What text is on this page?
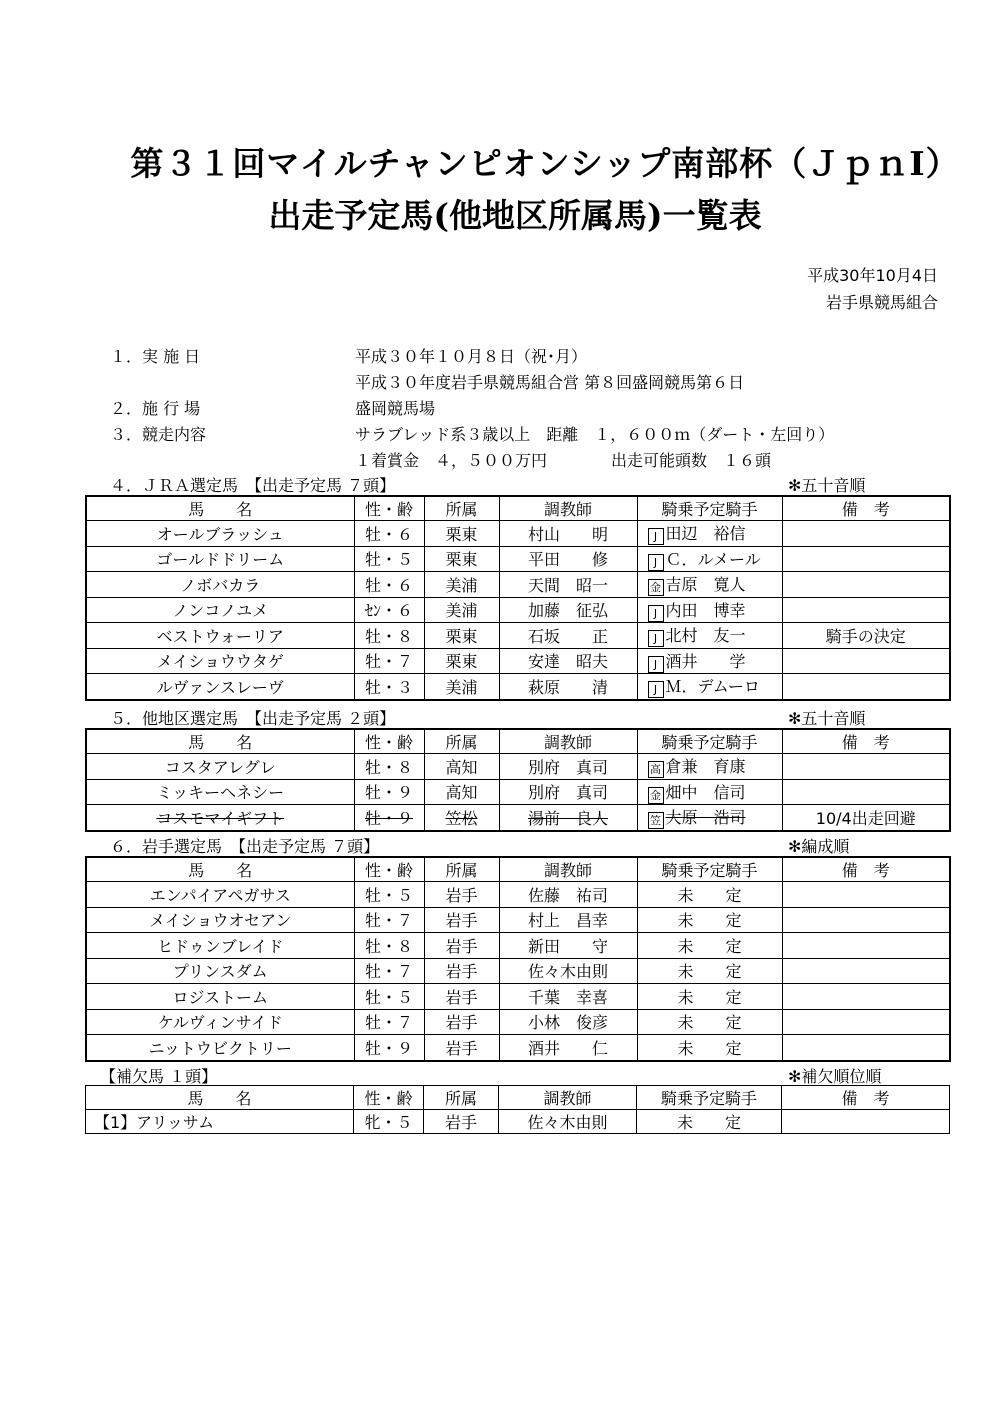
第３１回マイルチャンピオンシップ南部杯（ＪｐｎⅠ）
出走予定馬(他地区所属馬)一覧表
平成30年10月4日
岩手県競馬組合
１．実 施 日	平成３０年１０月８日（祝･月）
平成３０年度岩手県競馬組合営 第８回盛岡競馬第６日
２．施 行 場	盛岡競馬場
３．競走内容	サラブレッド系３歳以上　距離　１，６００ｍ（ダート・左回り）
１着賞金　４，５００万円　　　　出走可能頭数　１６頭
４．ＪＲＡ選定馬　【出走予定馬 ７頭】	✻五十音順
馬　　名	性・齢	所属	調教師	騎乗予定騎手	備　考
オールブラッシュ	牡・６	栗東	村山　　明	J 田辺　裕信	
ゴールドドリーム	牡・５	栗東	平田　　修	J Ｃ．ルメール	
ノボバカラ	牡・６	美浦	天間　昭一	金 吉原　寛人	
ノンコノユメ	ｾﾝ・６	美浦	加藤　征弘	J 内田　博幸	
ベストウォーリア	牡・８	栗東	石坂　　正	J 北村　友一	騎手の決定
メイショウウタゲ	牡・７	栗東	安達　昭夫	J 酒井　　学	
ルヴァンスレーヴ	牡・３	美浦	萩原　　清	J Ｍ．デムーロ	
５．他地区選定馬　【出走予定馬 ２頭】	✻五十音順
馬　　名	性・齢	所属	調教師	騎乗予定騎手	備　考
コスタアレグレ	牡・８	高知	別府　真司	高 倉兼　育康	
ミッキーヘネシー	牡・９	高知	別府　真司	金 畑中　信司	
コスモマイギフト	牡・９	笠松	湯前　良人	笠 大原　浩司	10/4出走回避
６．岩手選定馬　【出走予定馬 ７頭】	✻編成順
馬　　名	性・齢	所属	調教師	騎乗予定騎手	備　考
エンパイアペガサス	牡・５	岩手	佐藤　祐司	未　　定	
メイショウオセアン	牡・７	岩手	村上　昌幸	未　　定	
ヒドゥンブレイド	牡・８	岩手	新田　　守	未　　定	
プリンスダム	牡・７	岩手	佐々木由則	未　　定	
ロジストーム	牡・５	岩手	千葉　幸喜	未　　定	
ケルヴィンサイド	牡・７	岩手	小林　俊彦	未　　定	
ニットウビクトリー	牡・９	岩手	酒井　　仁	未　　定	
【補欠馬 １頭】	✻補欠順位順
馬　　名	性・齢	所属	調教師	騎乗予定騎手	備　考
【1】アリッサム	牝・５	岩手	佐々木由則	未　　定	
